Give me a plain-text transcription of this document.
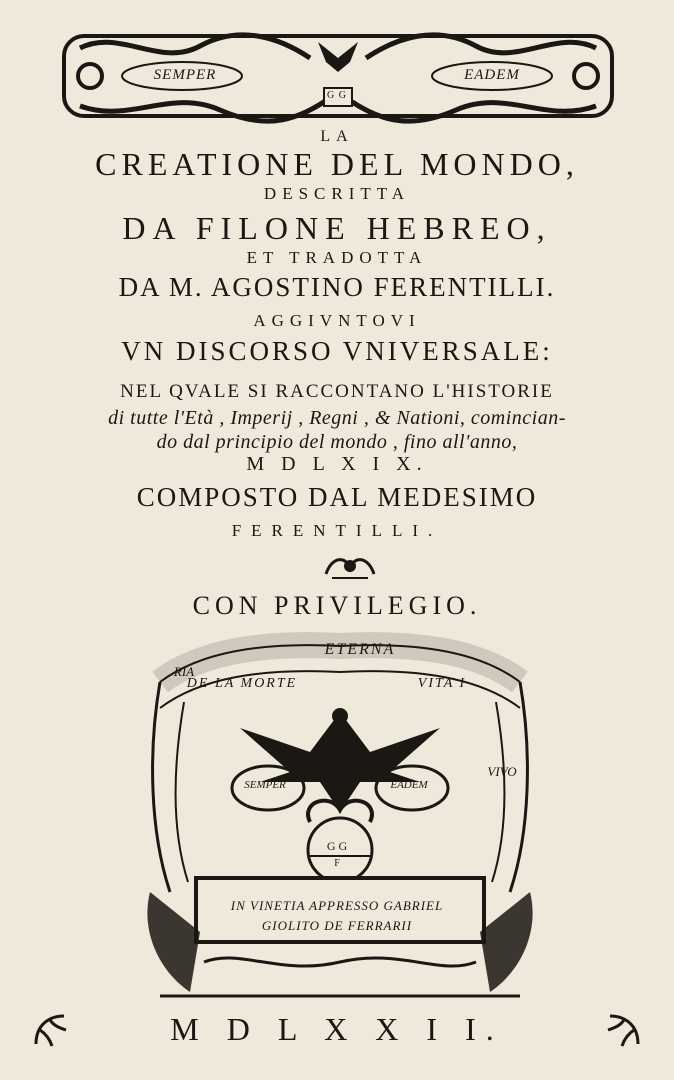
SEMPER	EADEM
G G
LA
CREATIONE DEL MONDO,
DESCRITTA
DA FILONE HEBREO,
ET TRADOTTA
DA M. AGOSTINO FERENTILLI.
AGGIVNTOVI
VN DISCORSO VNIVERSALE:
NEL QVALE SI RACCONTANO L'HISTORIE
di tutte l'Età , Imperij , Regni , & Nationi, comincian-
do dal principio del mondo , fino all'anno,
M D L X I X.
COMPOSTO DAL MEDESIMO
FERENTILLI.
CON PRIVILEGIO.
ETERNA
DE LA MORTE	VITA I
RIA
VIVO
SEMPER	EADEM
G G
F
IN VINETIA APPRESSO GABRIEL
GIOLITO DE FERRARII
M D L X X I I.
